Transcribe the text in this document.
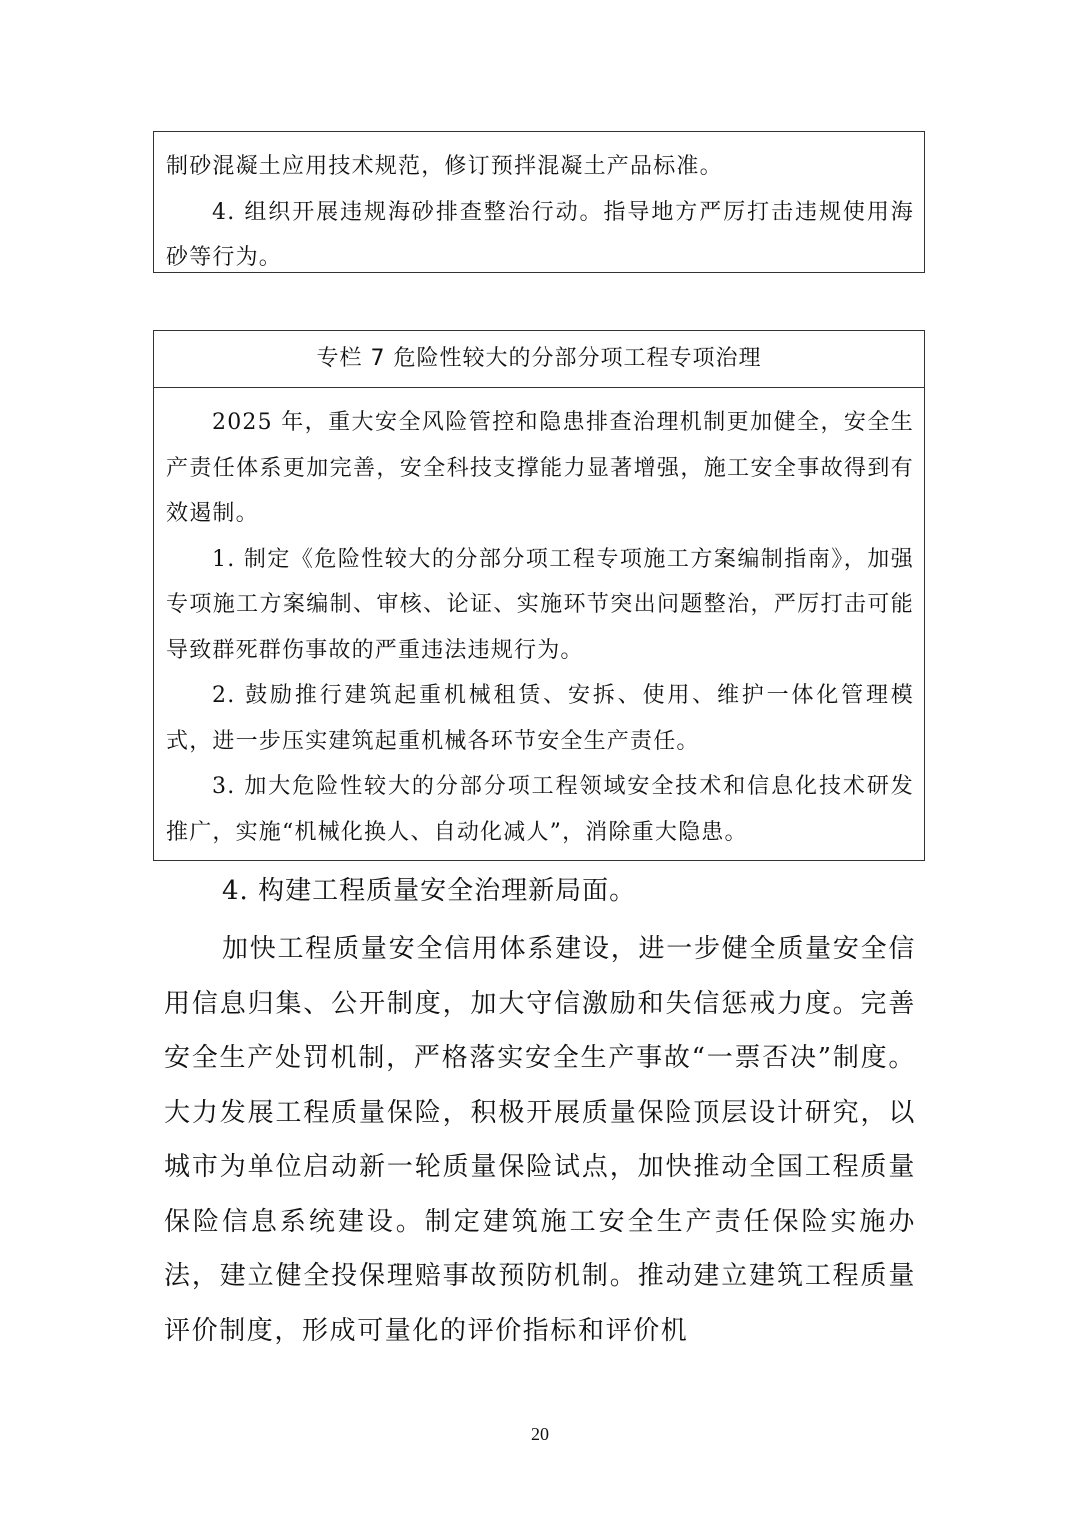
制砂混凝土应用技术规范，修订预拌混凝土产品标准。

4. 组织开展违规海砂排查整治行动。指导地方严厉打击违规使用海砂等行为。

专栏 7 危险性较大的分部分项工程专项治理

2025 年，重大安全风险管控和隐患排查治理机制更加健全，安全生产责任体系更加完善，安全科技支撑能力显著增强，施工安全事故得到有效遏制。

1. 制定《危险性较大的分部分项工程专项施工方案编制指南》，加强专项施工方案编制、审核、论证、实施环节突出问题整治，严厉打击可能导致群死群伤事故的严重违法违规行为。

2. 鼓励推行建筑起重机械租赁、安拆、使用、维护一体化管理模式，进一步压实建筑起重机械各环节安全生产责任。

3. 加大危险性较大的分部分项工程领域安全技术和信息化技术研发推广，实施“机械化换人、自动化减人”，消除重大隐患。

4. 构建工程质量安全治理新局面。

加快工程质量安全信用体系建设，进一步健全质量安全信用信息归集、公开制度，加大守信激励和失信惩戒力度。完善安全生产处罚机制，严格落实安全生产事故“一票否决”制度。大力发展工程质量保险，积极开展质量保险顶层设计研究，以城市为单位启动新一轮质量保险试点，加快推动全国工程质量保险信息系统建设。制定建筑施工安全生产责任保险实施办法，建立健全投保理赔事故预防机制。推动建立建筑工程质量评价制度，形成可量化的评价指标和评价机

20
